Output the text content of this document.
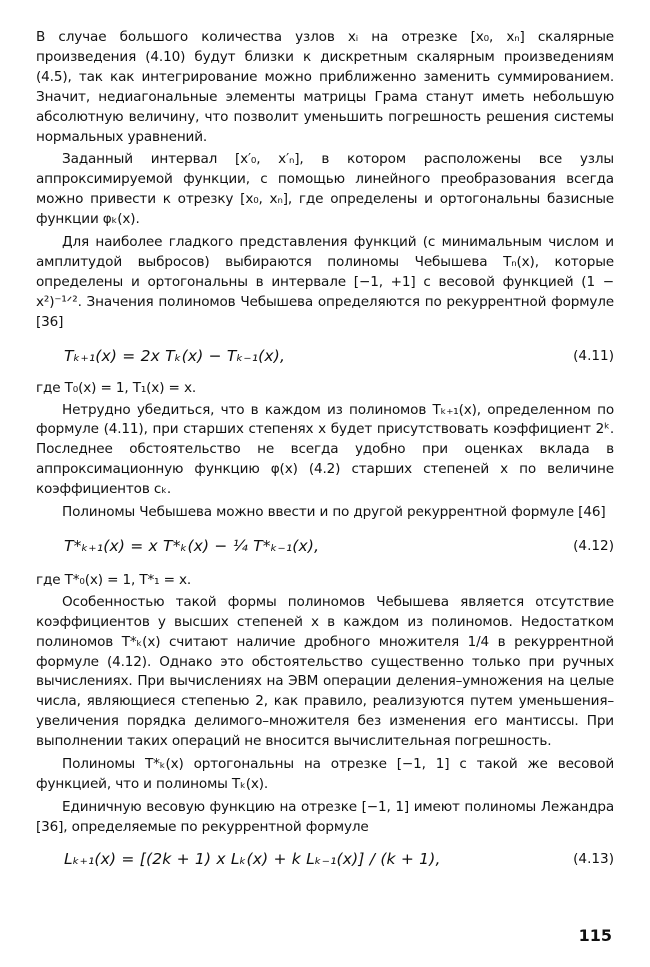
В случае большого количества узлов xᵢ на отрезке [x₀, xₙ] скалярные произведения (4.10) будут близки к дискретным скалярным произведениям (4.5), так как интегрирование можно приближенно заменить суммированием. Значит, недиагональные элементы матрицы Грама станут иметь небольшую абсолютную величину, что позволит уменьшить погрешность решения системы нормальных уравнений.

Заданный интервал [x′₀, x′ₙ], в котором расположены все узлы аппроксимируемой функции, с помощью линейного преобразования всегда можно привести к отрезку [x₀, xₙ], где определены и ортогональны базисные функции φₖ(x).

Для наиболее гладкого представления функций (с минимальным числом и амплитудой выбросов) выбираются полиномы Чебышева Tₙ(x), которые определены и ортогональны в интервале [−1, +1] с весовой функцией (1 − x²)⁻¹ᐟ². Значения полиномов Чебышева определяются по рекуррентной формуле [36]

Tₖ₊₁(x) = 2x Tₖ(x) − Tₖ₋₁(x),	(4.11)

где T₀(x) = 1, T₁(x) = x.

Нетрудно убедиться, что в каждом из полиномов Tₖ₊₁(x), определенном по формуле (4.11), при старших степенях x будет присутствовать коэффициент 2ᵏ. Последнее обстоятельство не всегда удобно при оценках вклада в аппроксимационную функцию φ(x) (4.2) старших степеней x по величине коэффициентов cₖ.

Полиномы Чебышева можно ввести и по другой рекуррентной формуле [46]

T*ₖ₊₁(x) = x T*ₖ(x) − ¼ T*ₖ₋₁(x),	(4.12)

где T*₀(x) = 1, T*₁ = x.

Особенностью такой формы полиномов Чебышева является отсутствие коэффициентов у высших степеней x в каждом из полиномов. Недостатком полиномов T*ₖ(x) считают наличие дробного множителя 1/4 в рекуррентной формуле (4.12). Однако это обстоятельство существенно только при ручных вычислениях. При вычислениях на ЭВМ операции деления–умножения на целые числа, являющиеся степенью 2, как правило, реализуются путем уменьшения–увеличения порядка делимого–множителя без изменения его мантиссы. При выполнении таких операций не вносится вычислительная погрешность.

Полиномы T*ₖ(x) ортогональны на отрезке [−1, 1] с такой же весовой функцией, что и полиномы Tₖ(x).

Единичную весовую функцию на отрезке [−1, 1] имеют полиномы Лежандра [36], определяемые по рекуррентной формуле

Lₖ₊₁(x) = [(2k + 1) x Lₖ(x) + k Lₖ₋₁(x)] / (k + 1),	(4.13)
115
